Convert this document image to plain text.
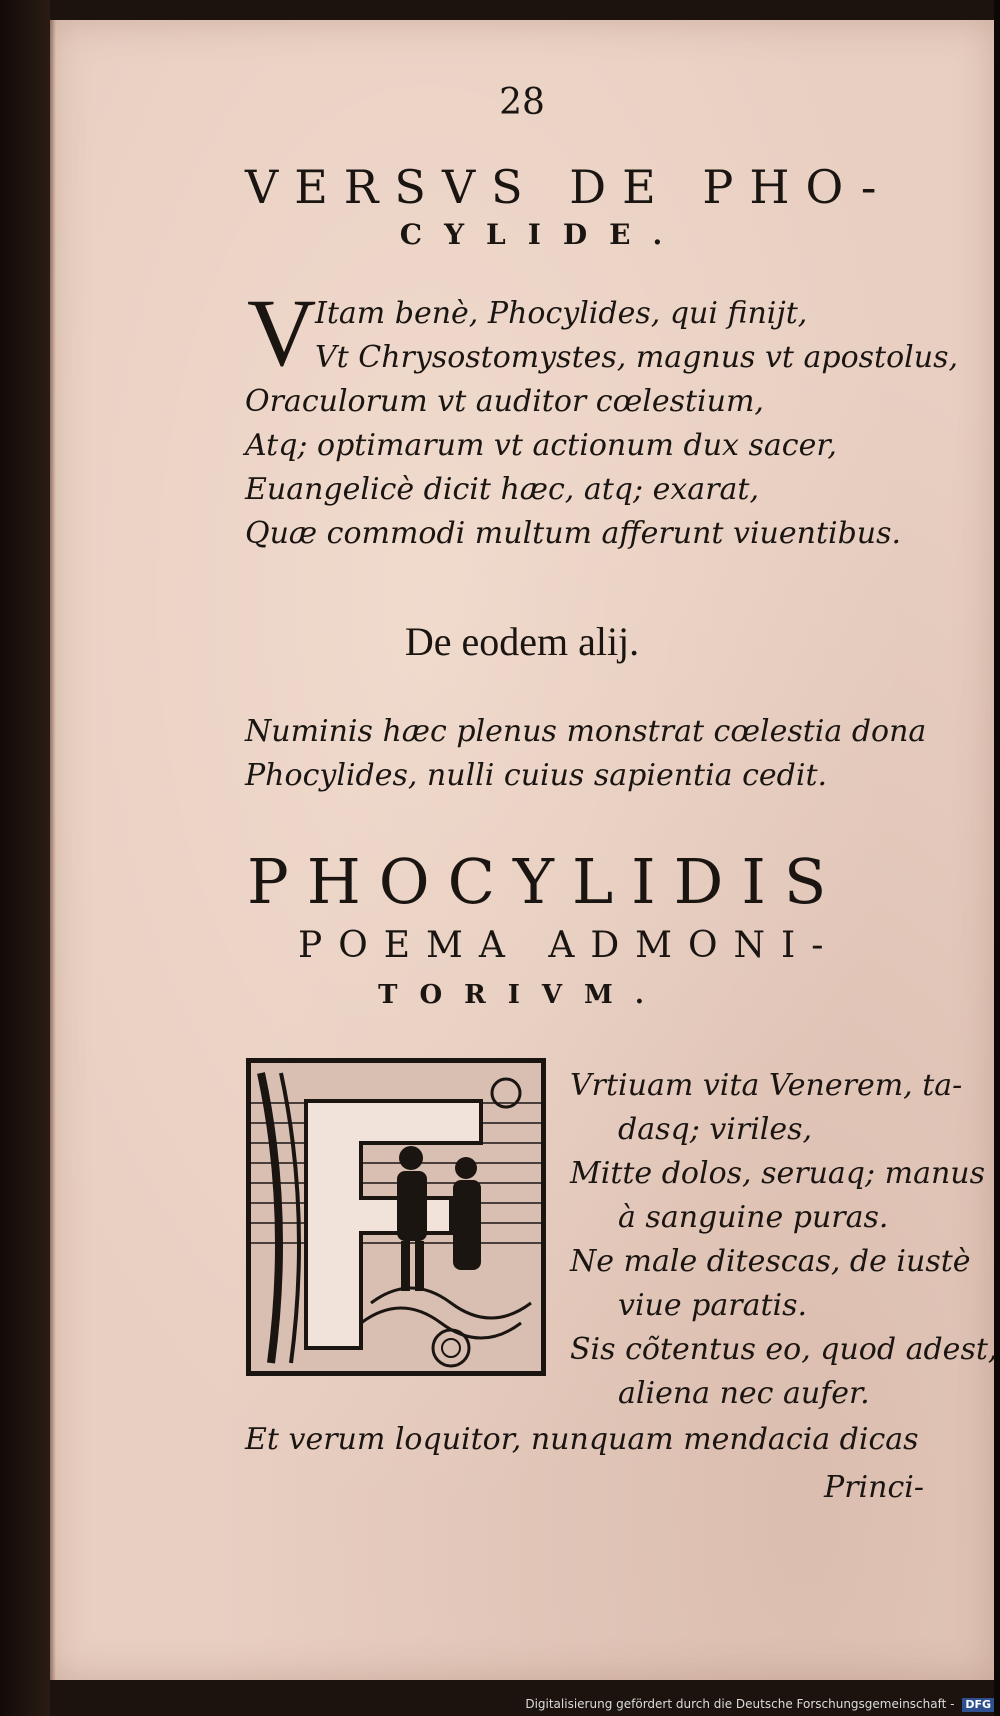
28

VERSVS DE PHO-

CYLIDE.

V
Itam benè, Phocylides, qui finijt,
Vt Chrysostomystes, magnus vt apostolus,
Oraculorum vt auditor cœlestium,
Atq; optimarum vt actionum dux sacer,
Euangelicè dicit hæc, atq; exarat,
Quæ commodi multum afferunt viuentibus.

De eodem alij.

Numinis hæc plenus monstrat cœlestia dona
Phocylides, nulli cuius sapientia cedit.

PHOCYLIDIS

POEMA ADMONI-

TORIVM.

Vrtiuam vita Venerem, ta-
dasq; viriles,
Mitte dolos, seruaq; manus
à sanguine puras.
Ne male ditescas, de iustè
viue paratis.
Sis cõtentus eo, quod adest,
aliena nec aufer.
Et verum loquitor, nunquam mendacia dicas

Princi-

Digitalisierung gefördert durch die Deutsche Forschungsgemeinschaft - DFG
